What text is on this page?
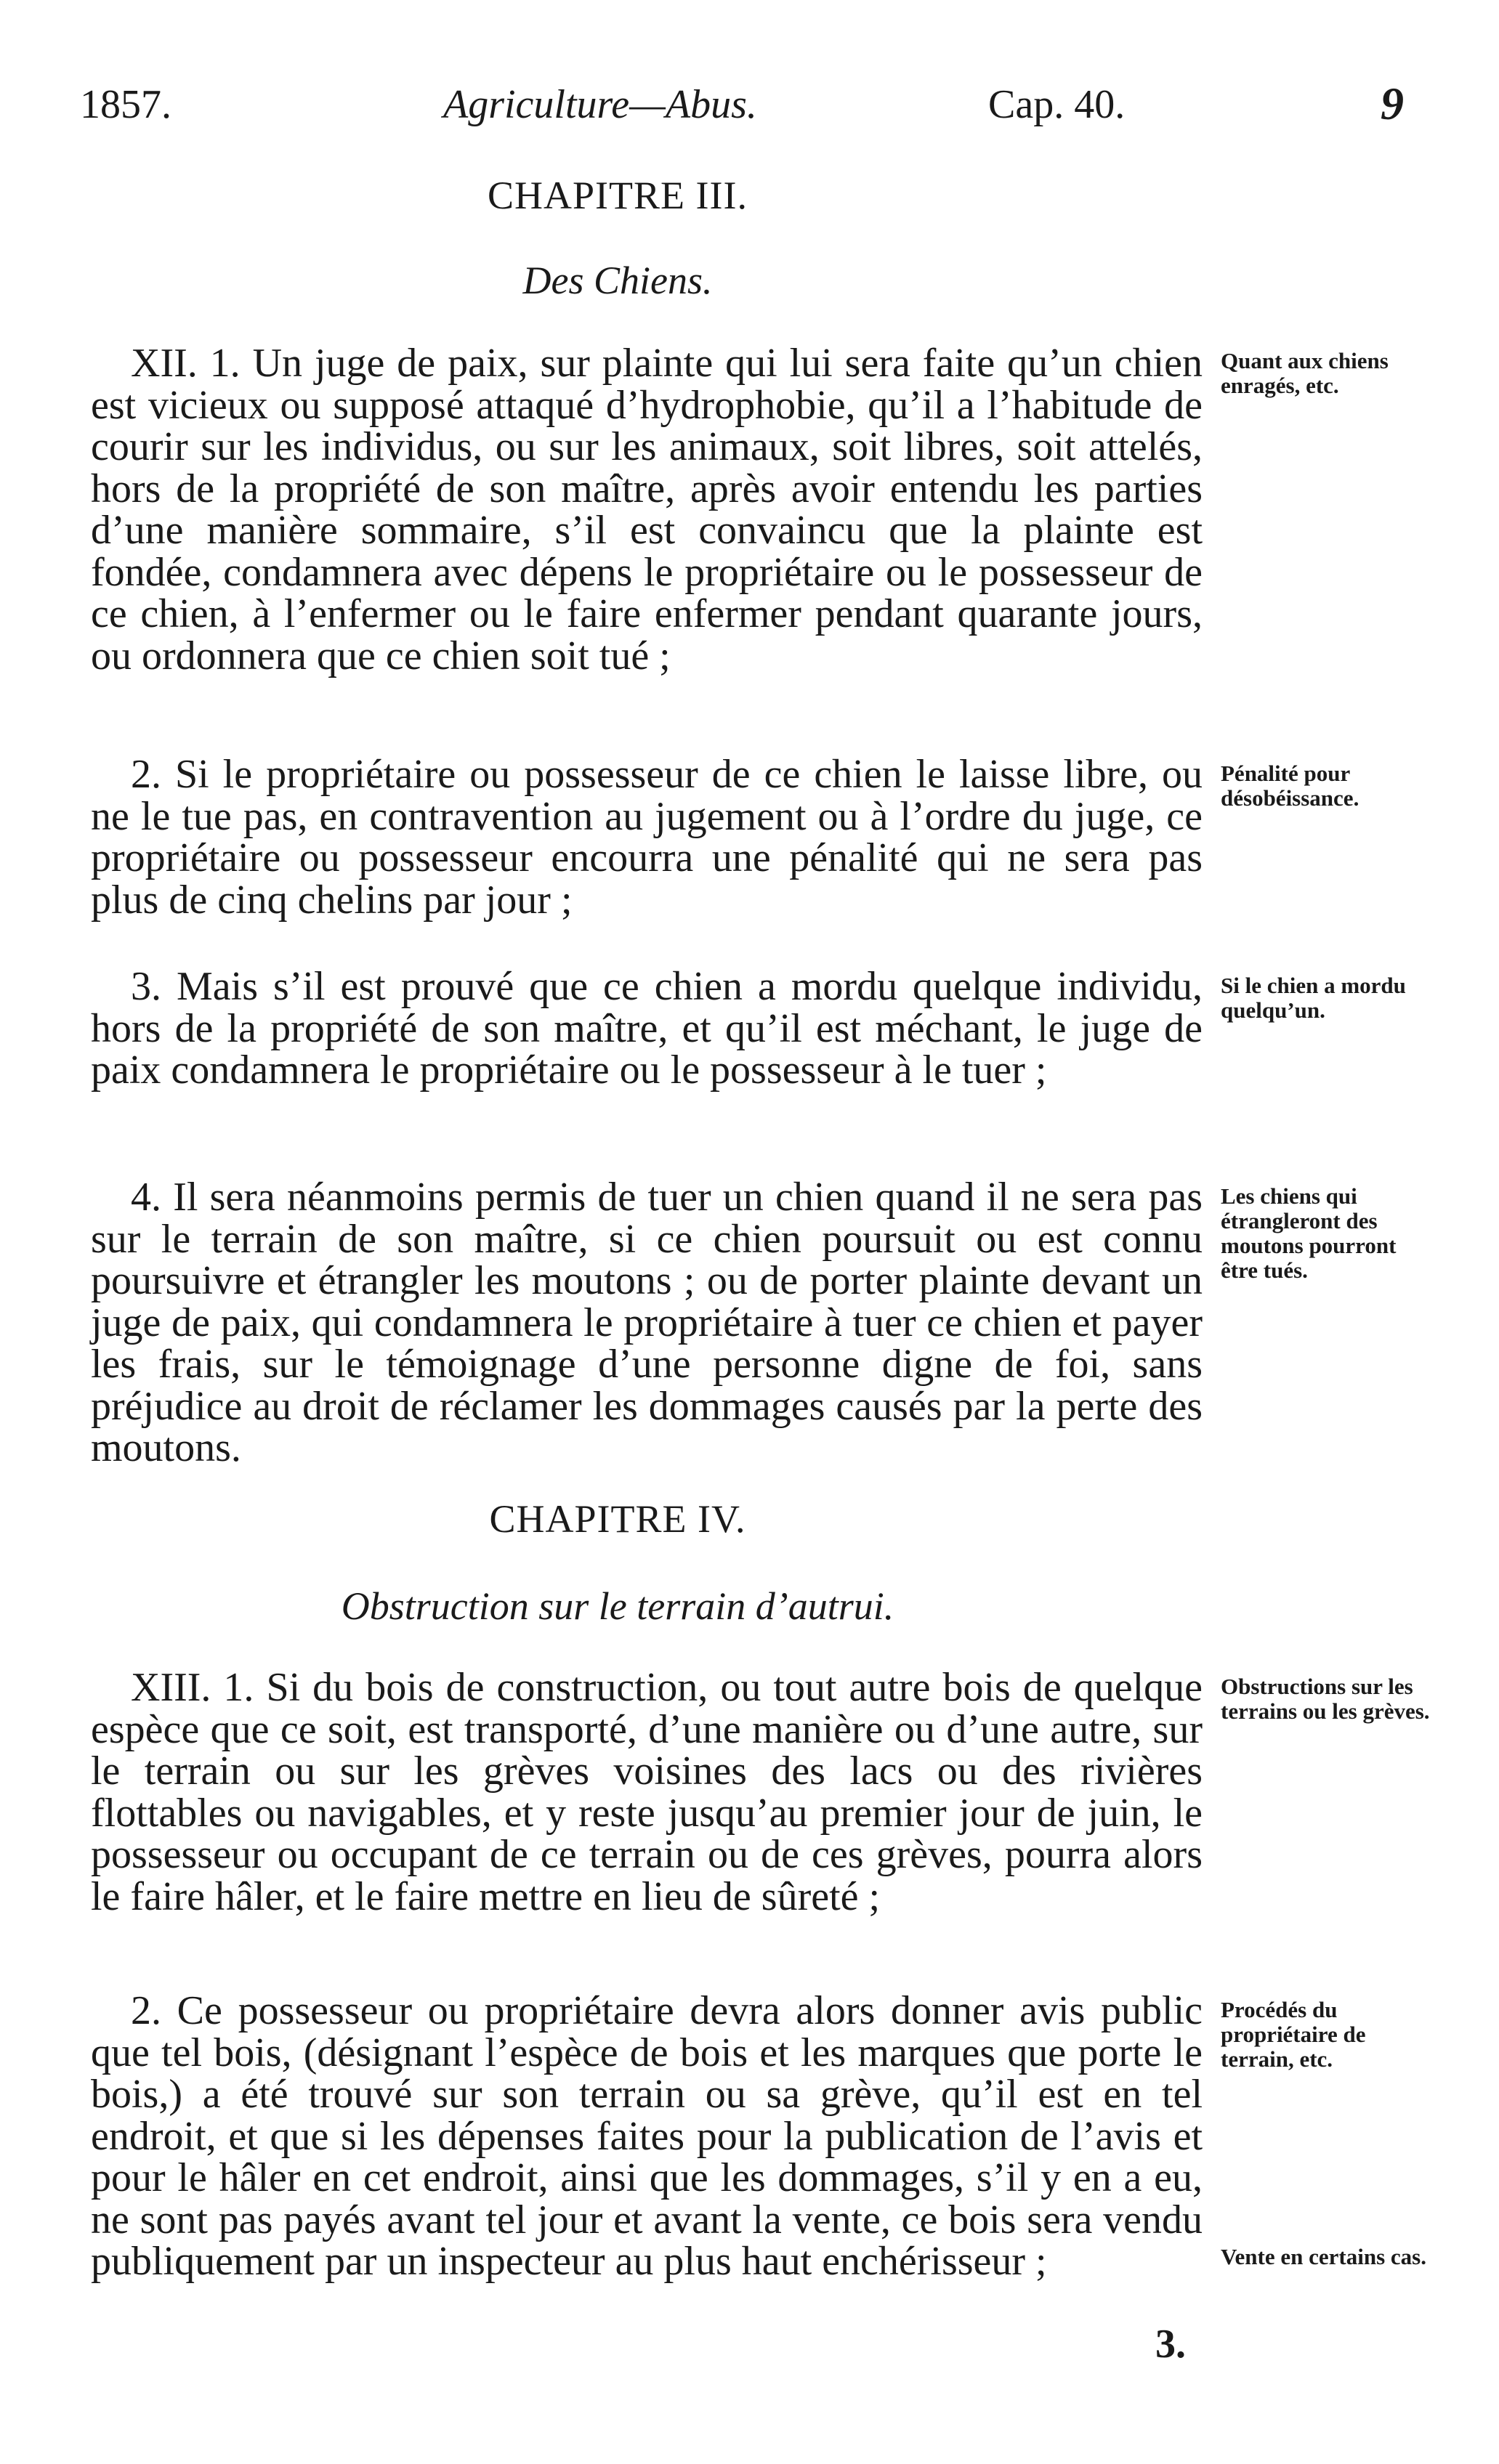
1857.	Agriculture—Abus.	Cap. 40.	9
CHAPITRE III.
Des Chiens.

XII. 1. Un juge de paix, sur plainte qui lui sera faite qu’un chien est vicieux ou supposé attaqué d’hydrophobie, qu’il a l’habitude de courir sur les individus, ou sur les animaux, soit libres, soit attelés, hors de la propriété de son maître, après avoir entendu les parties d’une manière sommaire, s’il est convaincu que la plainte est fondée, condamnera avec dépens le propriétaire ou le possesseur de ce chien, à l’enfermer ou le faire enfermer pendant quarante jours, ou ordonnera que ce chien soit tué ;

Quant aux chiens enragés, etc.

2. Si le propriétaire ou possesseur de ce chien le laisse libre, ou ne le tue pas, en contravention au jugement ou à l’ordre du juge, ce propriétaire ou possesseur encourra une pénalité qui ne sera pas plus de cinq chelins par jour ;

Pénalité pour désobéissance.

3. Mais s’il est prouvé que ce chien a mordu quelque individu, hors de la propriété de son maître, et qu’il est méchant, le juge de paix condamnera le propriétaire ou le possesseur à le tuer ;

Si le chien a mordu quelqu’un.

4. Il sera néanmoins permis de tuer un chien quand il ne sera pas sur le terrain de son maître, si ce chien poursuit ou est connu poursuivre et étrangler les moutons ; ou de porter plainte devant un juge de paix, qui condamnera le propriétaire à tuer ce chien et payer les frais, sur le témoignage d’une personne digne de foi, sans préjudice au droit de réclamer les dommages causés par la perte des moutons.

Les chiens qui étrangleront des moutons pourront être tués.
CHAPITRE IV.
Obstruction sur le terrain d’autrui.

XIII. 1. Si du bois de construction, ou tout autre bois de quelque espèce que ce soit, est transporté, d’une manière ou d’une autre, sur le terrain ou sur les grèves voisines des lacs ou des rivières flottables ou navigables, et y reste jusqu’au premier jour de juin, le possesseur ou occupant de ce terrain ou de ces grèves, pourra alors le faire hâler, et le faire mettre en lieu de sûreté ;

Obstructions sur les terrains ou les grèves.

2. Ce possesseur ou propriétaire devra alors donner avis public que tel bois, (désignant l’espèce de bois et les marques que porte le bois,) a été trouvé sur son terrain ou sa grève, qu’il est en tel endroit, et que si les dépenses faites pour la publication de l’avis et pour le hâler en cet endroit, ainsi que les dommages, s’il y en a eu, ne sont pas payés avant tel jour et avant la vente, ce bois sera vendu publiquement par un inspecteur au plus haut enchérisseur ;

Procédés du propriétaire de terrain, etc.
Vente en certains cas.
3.
